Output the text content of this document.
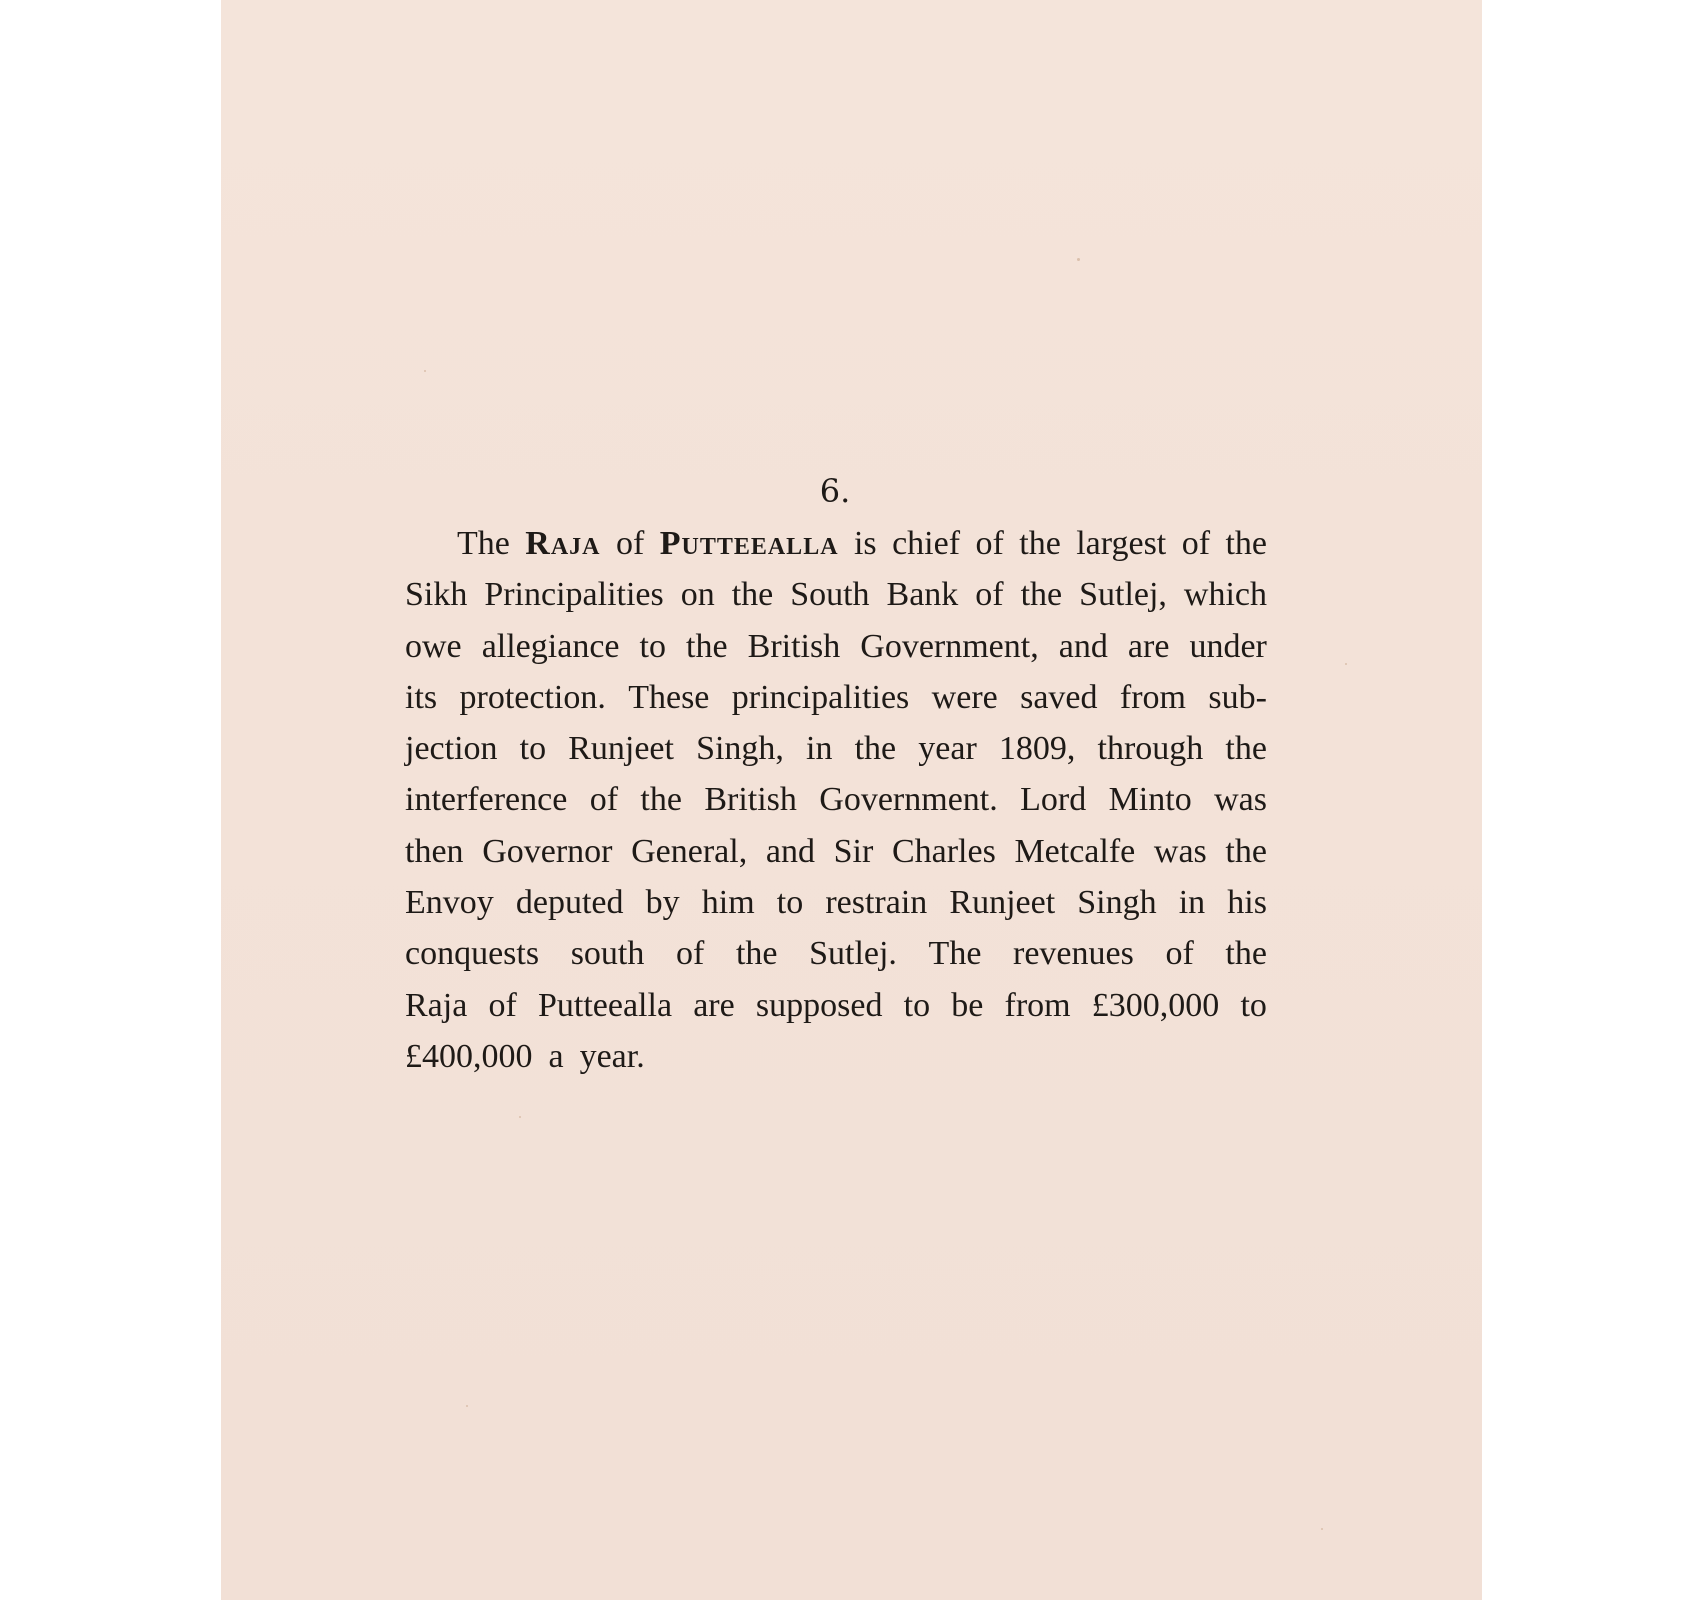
6.
The Raja of Putteealla is chief of the largest of the
Sikh Principalities on the South Bank of the Sutlej, which
owe allegiance to the British Government, and are under
its protection. These principalities were saved from sub-
jection to Runjeet Singh, in the year 1809, through the
interference of the British Government. Lord Minto was
then Governor General, and Sir Charles Metcalfe was the
Envoy deputed by him to restrain Runjeet Singh in his
conquests south of the Sutlej. The revenues of the
Raja of Putteealla are supposed to be from £300,000 to
£400,000 a year.
